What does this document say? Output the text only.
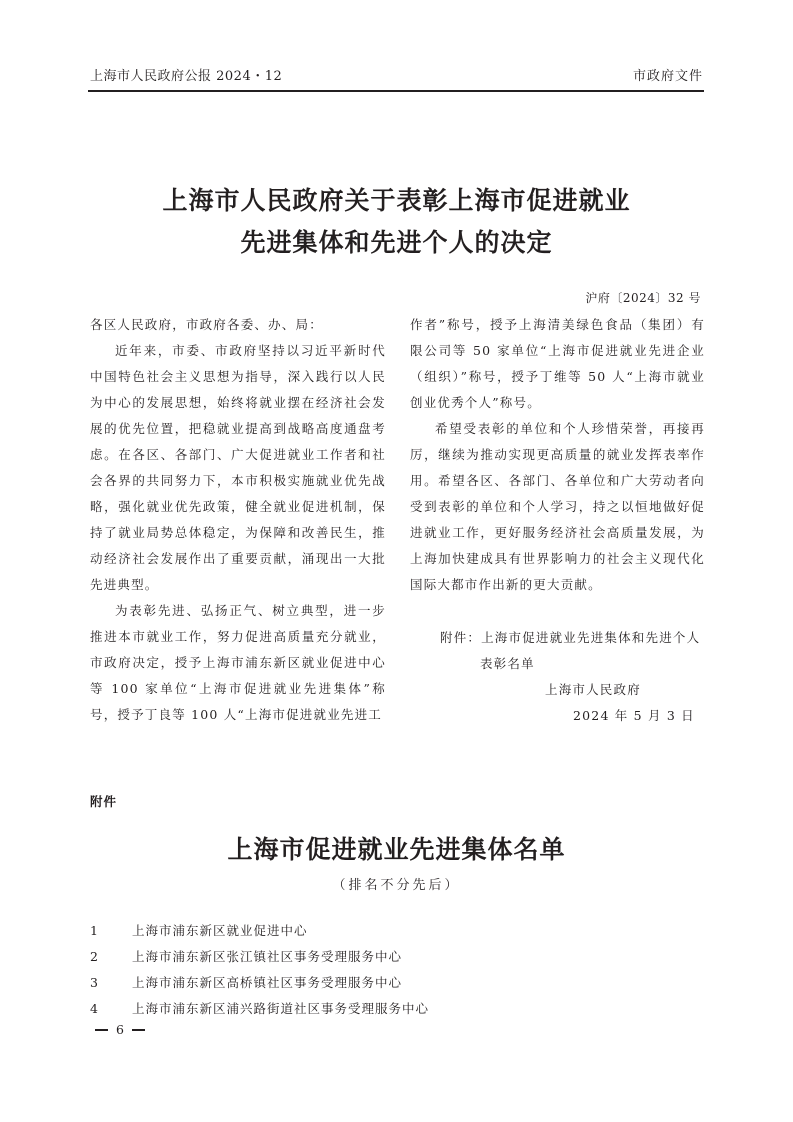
上海市人民政府公报 2024・12	市政府文件
上海市人民政府关于表彰上海市促进就业
先进集体和先进个人的决定
沪府〔2024〕32 号

各区人民政府，市政府各委、办、局：

近年来，市委、市政府坚持以习近平新时代中国特色社会主义思想为指导，深入践行以人民为中心的发展思想，始终将就业摆在经济社会发展的优先位置，把稳就业提高到战略高度通盘考虑。在各区、各部门、广大促进就业工作者和社会各界的共同努力下，本市积极实施就业优先战略，强化就业优先政策，健全就业促进机制，保持了就业局势总体稳定，为保障和改善民生，推动经济社会发展作出了重要贡献，涌现出一大批先进典型。

为表彰先进、弘扬正气、树立典型，进一步推进本市就业工作，努力促进高质量充分就业，市政府决定，授予上海市浦东新区就业促进中心等 100 家单位“上海市促进就业先进集体”称号，授予丁良等 100 人“上海市促进就业先进工

作者”称号，授予上海清美绿色食品（集团）有限公司等 50 家单位“上海市促进就业先进企业（组织）”称号，授予丁维等 50 人“上海市就业创业优秀个人”称号。

希望受表彰的单位和个人珍惜荣誉，再接再厉，继续为推动实现更高质量的就业发挥表率作用。希望各区、各部门、各单位和广大劳动者向受到表彰的单位和个人学习，持之以恒地做好促进就业工作，更好服务经济社会高质量发展，为上海加快建成具有世界影响力的社会主义现代化国际大都市作出新的更大贡献。

附件：上海市促进就业先进集体和先进个人
表彰名单
上海市人民政府
2024 年 5 月 3 日
附件
上海市促进就业先进集体名单
（排名不分先后）
1	上海市浦东新区就业促进中心
2	上海市浦东新区张江镇社区事务受理服务中心
3	上海市浦东新区高桥镇社区事务受理服务中心
4	上海市浦东新区浦兴路街道社区事务受理服务中心
6
